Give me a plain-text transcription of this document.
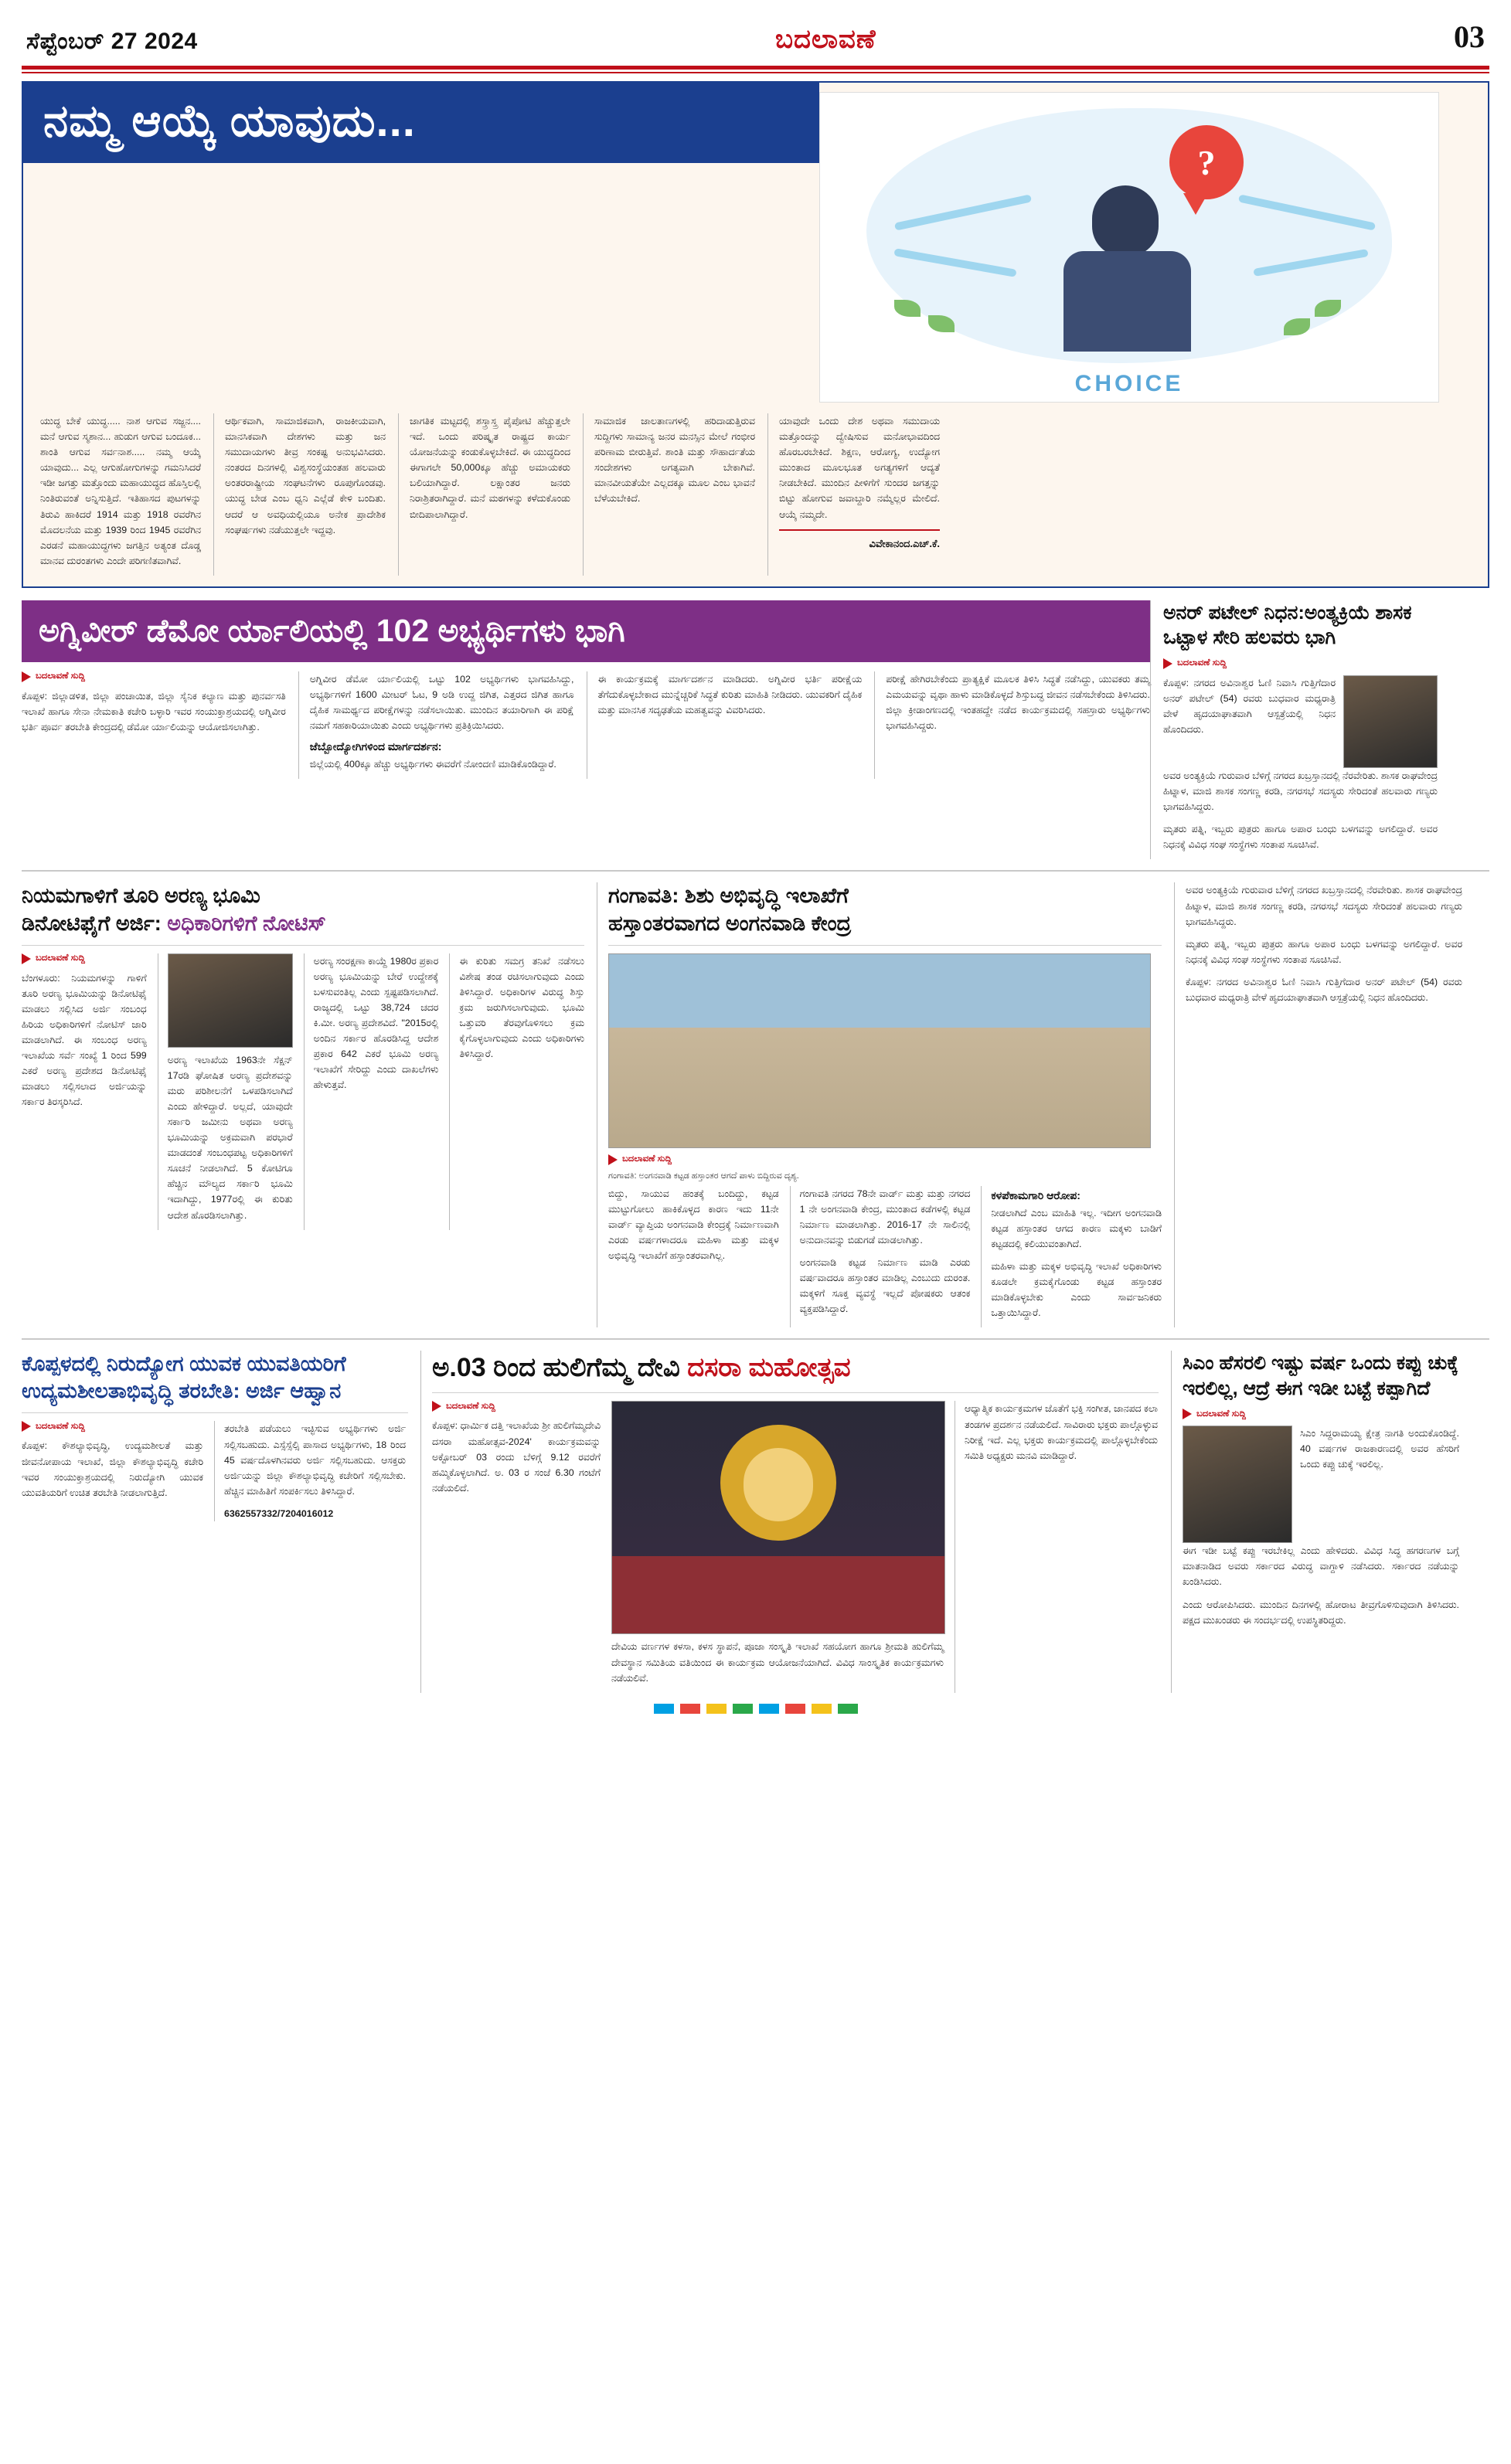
ಸೆಪ್ಟೆಂಬರ್ 27 2024	ಬದಲಾವಣೆ	03
ನಮ್ಮ ಆಯ್ಕೆ ಯಾವುದು...
?
CHOICE

ಯುದ್ಧ ಬೇಕೆ ಯುದ್ಧ..... ನಾಶ ಆಗುವ ಸಜ್ಜನ.... ಮನೆ ಆಗುವ ಸ್ಮಶಾನ... ಹುಡುಗ ಆಗುವ ಬಂದೂಕ... ಶಾಂತಿ ಆಗುವ ಸರ್ವನಾಶ..... ನಮ್ಮ ಆಯ್ಕೆ ಯಾವುದು... ಎಲ್ಲ ಆಗುಹೋಗುಗಳನ್ನು ಗಮನಿಸಿದರೆ ಇಡೀ ಜಗತ್ತು ಮತ್ತೊಂದು ಮಹಾಯುದ್ಧದ ಹೊಸ್ತಿಲಲ್ಲಿ ನಿಂತಿರುವಂತೆ ಅನ್ನಿಸುತ್ತಿದೆ. ಇತಿಹಾಸದ ಪುಟಗಳನ್ನು ತಿರುವಿ ಹಾಕಿದರೆ 1914 ಮತ್ತು 1918 ರವರೆಗಿನ ಮೊದಲನೆಯ ಮತ್ತು 1939 ರಿಂದ 1945 ರವರೆಗಿನ ಎರಡನೆ ಮಹಾಯುದ್ಧಗಳು ಜಗತ್ತಿನ ಅತ್ಯಂತ ದೊಡ್ಡ ಮಾನವ ದುರಂತಗಳು ಎಂದೇ ಪರಿಗಣಿತವಾಗಿವೆ.

ಆರ್ಥಿಕವಾಗಿ, ಸಾಮಾಜಿಕವಾಗಿ, ರಾಜಕೀಯವಾಗಿ, ಮಾನಸಿಕವಾಗಿ ದೇಶಗಳು ಮತ್ತು ಜನ ಸಮುದಾಯಗಳು ತೀವ್ರ ಸಂಕಷ್ಟ ಅನುಭವಿಸಿದರು. ನಂತರದ ದಿನಗಳಲ್ಲಿ ವಿಶ್ವಸಂಸ್ಥೆಯಂತಹ ಹಲವಾರು ಅಂತರರಾಷ್ಟ್ರೀಯ ಸಂಘಟನೆಗಳು ರೂಪುಗೊಂಡವು. ಯುದ್ಧ ಬೇಡ ಎಂಬ ಧ್ವನಿ ಎಲ್ಲೆಡೆ ಕೇಳಿ ಬಂದಿತು. ಆದರೆ ಆ ಅವಧಿಯಲ್ಲಿಯೂ ಅನೇಕ ಪ್ರಾದೇಶಿಕ ಸಂಘರ್ಷಗಳು ನಡೆಯುತ್ತಲೇ ಇದ್ದವು.

ಜಾಗತಿಕ ಮಟ್ಟದಲ್ಲಿ ಶಸ್ತ್ರಾಸ್ತ್ರ ಪೈಪೋಟಿ ಹೆಚ್ಚುತ್ತಲೇ ಇದೆ. ಒಂದು ಪರಿಷ್ಕೃತ ರಾಷ್ಟ್ರದ ಕಾರ್ಯ ಯೋಜನೆಯನ್ನು ಕಂಡುಕೊಳ್ಳಬೇಕಿದೆ. ಈ ಯುದ್ಧದಿಂದ ಈಗಾಗಲೇ 50,000ಕ್ಕೂ ಹೆಚ್ಚು ಅಮಾಯಕರು ಬಲಿಯಾಗಿದ್ದಾರೆ. ಲಕ್ಷಾಂತರ ಜನರು ನಿರಾಶ್ರಿತರಾಗಿದ್ದಾರೆ. ಮನೆ ಮಠಗಳನ್ನು ಕಳೆದುಕೊಂಡು ಬೀದಿಪಾಲಾಗಿದ್ದಾರೆ.

ಸಾಮಾಜಿಕ ಜಾಲತಾಣಗಳಲ್ಲಿ ಹರಿದಾಡುತ್ತಿರುವ ಸುದ್ದಿಗಳು ಸಾಮಾನ್ಯ ಜನರ ಮನಸ್ಸಿನ ಮೇಲೆ ಗಂಭೀರ ಪರಿಣಾಮ ಬೀರುತ್ತಿವೆ. ಶಾಂತಿ ಮತ್ತು ಸೌಹಾರ್ದತೆಯ ಸಂದೇಶಗಳು ಅಗತ್ಯವಾಗಿ ಬೇಕಾಗಿವೆ. ಮಾನವೀಯತೆಯೇ ಎಲ್ಲದಕ್ಕೂ ಮೂಲ ಎಂಬ ಭಾವನೆ ಬೆಳೆಯಬೇಕಿದೆ.

ಯಾವುದೇ ಒಂದು ದೇಶ ಅಥವಾ ಸಮುದಾಯ ಮತ್ತೊಂದನ್ನು ದ್ವೇಷಿಸುವ ಮನೋಭಾವದಿಂದ ಹೊರಬರಬೇಕಿದೆ. ಶಿಕ್ಷಣ, ಆರೋಗ್ಯ, ಉದ್ಯೋಗ ಮುಂತಾದ ಮೂಲಭೂತ ಅಗತ್ಯಗಳಿಗೆ ಆದ್ಯತೆ ನೀಡಬೇಕಿದೆ. ಮುಂದಿನ ಪೀಳಿಗೆಗೆ ಸುಂದರ ಜಗತ್ತನ್ನು ಬಿಟ್ಟು ಹೋಗುವ ಜವಾಬ್ದಾರಿ ನಮ್ಮೆಲ್ಲರ ಮೇಲಿದೆ. ಆಯ್ಕೆ ನಮ್ಮದೇ.

ವಿವೇಕಾನಂದ.ಎಚ್.ಕೆ.
ಅಗ್ನಿವೀರ್ ಡೆಮೋ ರ್ಯಾಲಿಯಲ್ಲಿ 102 ಅಭ್ಯರ್ಥಿಗಳು ಭಾಗಿ
ಬದಲಾವಣೆ ಸುದ್ದಿ

ಕೊಪ್ಪಳ: ಜಿಲ್ಲಾಡಳಿತ, ಜಿಲ್ಲಾ ಪಂಚಾಯಿತ, ಜಿಲ್ಲಾ ಸೈನಿಕ ಕಲ್ಯಾಣ ಮತ್ತು ಪುನರ್ವಸತಿ ಇಲಾಖೆ ಹಾಗೂ ಸೇನಾ ನೇಮಕಾತಿ ಕಚೇರಿ ಬಳ್ಳಾರಿ ಇವರ ಸಂಯುಕ್ತಾಶ್ರಯದಲ್ಲಿ ಅಗ್ನಿವೀರ ಭರ್ತಿ ಪೂರ್ವ ತರಬೇತಿ ಕೇಂದ್ರದಲ್ಲಿ ಡೆಮೋ ರ್ಯಾಲಿಯನ್ನು ಆಯೋಜಿಸಲಾಗಿತ್ತು.

ಅಗ್ನಿವೀರ ಡೆಮೋ ರ್ಯಾಲಿಯಲ್ಲಿ ಒಟ್ಟು 102 ಅಭ್ಯರ್ಥಿಗಳು ಭಾಗವಹಿಸಿದ್ದು, ಅಭ್ಯರ್ಥಿಗಳಿಗೆ 1600 ಮೀಟರ್ ಓಟ, 9 ಅಡಿ ಉದ್ದ ಜಿಗಿತ, ಎತ್ತರದ ಜಿಗಿತ ಹಾಗೂ ದೈಹಿಕ ಸಾಮರ್ಥ್ಯದ ಪರೀಕ್ಷೆಗಳನ್ನು ನಡೆಸಲಾಯಿತು. ಮುಂದಿನ ತಯಾರಿಗಾಗಿ ಈ ಪರಿಕ್ಷೆ ನಮಗೆ ಸಹಕಾರಿಯಾಯಿತು ಎಂದು ಅಭ್ಯರ್ಥಿಗಳು ಪ್ರತಿಕ್ರಿಯಿಸಿದರು.

ಜೆಬ್ಬೋದ್ಯೋಗಿಗಳಿಂದ ಮಾರ್ಗದರ್ಶನ:

ಜಿಲ್ಲೆಯಲ್ಲಿ 400ಕ್ಕೂ ಹೆಚ್ಚು ಅಭ್ಯರ್ಥಿಗಳು ಈವರೆಗೆ ನೋಂದಣಿ ಮಾಡಿಕೊಂಡಿದ್ದಾರೆ.

ಈ ಕಾರ್ಯಕ್ರಮಕ್ಕೆ ಮಾರ್ಗದರ್ಶನ ಮಾಡಿದರು. ಅಗ್ನಿವೀರ ಭರ್ತಿ ಪರೀಕ್ಷೆಯ ತೆಗೆದುಕೊಳ್ಳಬೇಕಾದ ಮುನ್ನೆಚ್ಚರಿಕೆ ಸಿದ್ಧತೆ ಕುರಿತು ಮಾಹಿತಿ ನೀಡಿದರು. ಯುವಕರಿಗೆ ದೈಹಿಕ ಮತ್ತು ಮಾನಸಿಕ ಸದೃಢತೆಯ ಮಹತ್ವವನ್ನು ವಿವರಿಸಿದರು.

ಪರೀಕ್ಷೆ ಹೇಗಿರಬೇಕೆಂದು ಪ್ರಾತ್ಯಕ್ಷಿಕೆ ಮೂಲಕ ತಿಳಿಸಿ ಸಿದ್ಧತೆ ನಡೆಸಿದ್ದು, ಯುವಕರು ತಮ್ಮ ಎಮಯವನ್ನು ವೃಥಾ ಹಾಳು ಮಾಡಿಕೊಳ್ಳದೆ ಶಿಸ್ತುಬದ್ಧ ಜೀವನ ನಡೆಸಬೇಕೆಂದು ತಿಳಿಸಿದರು. ಜಿಲ್ಲಾ ಕ್ರೀಡಾಂಗಣದಲ್ಲಿ ಇಂತಹದ್ದೇ ನಡೆದ ಕಾರ್ಯಕ್ರಮದಲ್ಲಿ ಸಹಸ್ರಾರು ಅಭ್ಯರ್ಥಿಗಳು ಭಾಗವಹಿಸಿದ್ದರು.

ಅನರ್ ಪಟೇಲ್ ನಿಧನ:ಅಂತ್ಯಕ್ರಿಯೆ ಶಾಸಕ ಒಟ್ಟಾಳ ಸೇರಿ ಹಲವರು ಭಾಗಿ
ಬದಲಾವಣೆ ಸುದ್ದಿ

ಕೊಪ್ಪಳ: ನಗರದ ಅವಿನಾಶ್ವರ ಓಣಿ ನಿವಾಸಿ ಗುತ್ತಿಗೆದಾರ ಅನರ್ ಪಟೇಲ್ (54) ರವರು ಬುಧವಾರ ಮಧ್ಯರಾತ್ರಿ ವೇಳೆ ಹೃದಯಾಘಾತವಾಗಿ ಆಸ್ಪತ್ರೆಯಲ್ಲಿ ನಿಧನ ಹೊಂದಿದರು.

ಅವರ ಅಂತ್ಯಕ್ರಿಯೆ ಗುರುವಾರ ಬೆಳಿಗ್ಗೆ ನಗರದ ಖಬ್ರಸ್ತಾನದಲ್ಲಿ ನೆರವೇರಿತು. ಶಾಸಕ ರಾಘವೇಂದ್ರ ಹಿಟ್ನಾಳ, ಮಾಜಿ ಶಾಸಕ ಸಂಗಣ್ಣ ಕರಡಿ, ನಗರಸಭೆ ಸದಸ್ಯರು ಸೇರಿದಂತೆ ಹಲವಾರು ಗಣ್ಯರು ಭಾಗವಹಿಸಿದ್ದರು.

ಮೃತರು ಪತ್ನಿ, ಇಬ್ಬರು ಪುತ್ರರು ಹಾಗೂ ಅಪಾರ ಬಂಧು ಬಳಗವನ್ನು ಅಗಲಿದ್ದಾರೆ. ಅವರ ನಿಧನಕ್ಕೆ ವಿವಿಧ ಸಂಘ ಸಂಸ್ಥೆಗಳು ಸಂತಾಪ ಸೂಚಿಸಿವೆ.

ನಿಯಮಗಾಳಿಗೆ ತೂರಿ ಅರಣ್ಯ ಭೂಮಿ
ಡಿನೋಟಿಫೈಗೆ ಅರ್ಜಿ: ಅಧಿಕಾರಿಗಳಿಗೆ ನೋಟಿಸ್
ಬದಲಾವಣೆ ಸುದ್ದಿ

ಬೆಂಗಳೂರು: ನಿಯಮಗಳನ್ನು ಗಾಳಿಗೆ ತೂರಿ ಅರಣ್ಯ ಭೂಮಿಯನ್ನು ಡಿನೋಟಿಫೈ ಮಾಡಲು ಸಲ್ಲಿಸಿದ ಅರ್ಜಿ ಸಂಬಂಧ ಹಿರಿಯ ಅಧಿಕಾರಿಗಳಿಗೆ ನೋಟಿಸ್ ಜಾರಿ ಮಾಡಲಾಗಿದೆ. ಈ ಸಂಬಂಧ ಅರಣ್ಯ ಇಲಾಖೆಯ ಸರ್ವೆ ಸಂಖ್ಯೆ 1 ರಿಂದ 599 ಎಕರೆ ಅರಣ್ಯ ಪ್ರದೇಶದ ಡಿನೋಟಿಫೈ ಮಾಡಲು ಸಲ್ಲಿಸಲಾದ ಅರ್ಜಿಯನ್ನು ಸರ್ಕಾರ ತಿರಸ್ಕರಿಸಿದೆ.

ಅರಣ್ಯ ಇಲಾಖೆಯ 1963ನೇ ಸೆಕ್ಷನ್ 17ರಡಿ ಘೋಷಿತ ಅರಣ್ಯ ಪ್ರದೇಶವನ್ನು ಮರು ಪರಿಶೀಲನೆಗೆ ಒಳಪಡಿಸಲಾಗಿದೆ ಎಂದು ಹೇಳಿದ್ದಾರೆ. ಅಲ್ಲದೆ, ಯಾವುದೇ ಸರ್ಕಾರಿ ಜಮೀನು ಅಥವಾ ಅರಣ್ಯ ಭೂಮಿಯನ್ನು ಅಕ್ರಮವಾಗಿ ಪರಭಾರೆ ಮಾಡದಂತೆ ಸಂಬಂಧಪಟ್ಟ ಅಧಿಕಾರಿಗಳಿಗೆ ಸೂಚನೆ ನೀಡಲಾಗಿದೆ. 5 ಕೋಟಿಗೂ ಹೆಚ್ಚಿನ ಮೌಲ್ಯದ ಸರ್ಕಾರಿ ಭೂಮಿ ಇದಾಗಿದ್ದು, 1977ರಲ್ಲಿ ಈ ಕುರಿತು ಆದೇಶ ಹೊರಡಿಸಲಾಗಿತ್ತು.

ಅರಣ್ಯ ಸಂರಕ್ಷಣಾ ಕಾಯ್ದೆ 1980ರ ಪ್ರಕಾರ ಅರಣ್ಯ ಭೂಮಿಯನ್ನು ಬೇರೆ ಉದ್ದೇಶಕ್ಕೆ ಬಳಸುವಂತಿಲ್ಲ ಎಂದು ಸ್ಪಷ್ಟಪಡಿಸಲಾಗಿದೆ. ರಾಜ್ಯದಲ್ಲಿ ಒಟ್ಟು 38,724 ಚದರ ಕಿ.ಮೀ. ಅರಣ್ಯ ಪ್ರದೇಶವಿದೆ. "2015ರಲ್ಲಿ ಅಂದಿನ ಸರ್ಕಾರ ಹೊರಡಿಸಿದ್ದ ಆದೇಶ ಪ್ರಕಾರ 642 ಎಕರೆ ಭೂಮಿ ಅರಣ್ಯ ಇಲಾಖೆಗೆ ಸೇರಿದ್ದು ಎಂದು ದಾಖಲೆಗಳು ಹೇಳುತ್ತವೆ.

ಈ ಕುರಿತು ಸಮಗ್ರ ತನಿಖೆ ನಡೆಸಲು ವಿಶೇಷ ತಂಡ ರಚಿಸಲಾಗುವುದು ಎಂದು ತಿಳಿಸಿದ್ದಾರೆ. ಅಧಿಕಾರಿಗಳ ವಿರುದ್ಧ ಶಿಸ್ತು ಕ್ರಮ ಜರುಗಿಸಲಾಗುವುದು. ಭೂಮಿ ಒತ್ತುವರಿ ತೆರವುಗೊಳಿಸಲು ಕ್ರಮ ಕೈಗೊಳ್ಳಲಾಗುವುದು ಎಂದು ಅಧಿಕಾರಿಗಳು ತಿಳಿಸಿದ್ದಾರೆ.

ಗಂಗಾವತಿ: ಶಿಶು ಅಭಿವೃದ್ಧಿ ಇಲಾಖೆಗೆ
ಹಸ್ತಾಂತರವಾಗದ ಅಂಗನವಾಡಿ ಕೇಂದ್ರ
ಬದಲಾವಣೆ ಸುದ್ದಿ
ಗಂಗಾವತಿ: ಅಂಗನವಾಡಿ ಕಟ್ಟಡ ಹಸ್ತಾಂತರ ಆಗದೆ ಪಾಳು ಬಿದ್ದಿರುವ ದೃಶ್ಯ.

ಬಿದ್ದು, ಸಾಯುವ ಹಂತಕ್ಕೆ ಬಂದಿದ್ದು, ಕಟ್ಟಡ ಮುಟ್ಟುಗೋಲು ಹಾಕಿಕೊಳ್ಳದ ಕಾರಣ ಇದು 11ನೇ ವಾರ್ಡ್ ವ್ಯಾಪ್ತಿಯ ಅಂಗನವಾಡಿ ಕೇಂದ್ರಕ್ಕೆ ನಿರ್ಮಾಣವಾಗಿ ಎರಡು ವರ್ಷಗಳಾದರೂ ಮಹಿಳಾ ಮತ್ತು ಮಕ್ಕಳ ಅಭಿವೃದ್ಧಿ ಇಲಾಖೆಗೆ ಹಸ್ತಾಂತರವಾಗಿಲ್ಲ.

ಗಂಗಾವತಿ ನಗರದ 78ನೇ ವಾರ್ಡ್ ಮತ್ತು ಮತ್ತು ನಗರದ 1 ನೇ ಅಂಗನವಾಡಿ ಕೇಂದ್ರ, ಮುಂತಾದ ಕಡೆಗಳಲ್ಲಿ ಕಟ್ಟಡ ನಿರ್ಮಾಣ ಮಾಡಲಾಗಿತ್ತು. 2016-17 ನೇ ಸಾಲಿನಲ್ಲಿ ಅನುದಾನವನ್ನು ಬಿಡುಗಡೆ ಮಾಡಲಾಗಿತ್ತು.

ಅಂಗನವಾಡಿ ಕಟ್ಟಡ ನಿರ್ಮಾಣ ಮಾಡಿ ಎರಡು ವರ್ಷವಾದರೂ ಹಸ್ತಾಂತರ ಮಾಡಿಲ್ಲ ಎಂಬುದು ದುರಂತ. ಮಕ್ಕಳಿಗೆ ಸೂಕ್ತ ವ್ಯವಸ್ಥೆ ಇಲ್ಲದೆ ಪೋಷಕರು ಆತಂಕ ವ್ಯಕ್ತಪಡಿಸಿದ್ದಾರೆ.

ಕಳಪೆಕಾಮಗಾರಿ ಆರೋಪ:

ನೀಡಲಾಗಿದೆ ಎಂಬ ಮಾಹಿತಿ ಇಲ್ಲ. ಇದೀಗ ಅಂಗನವಾಡಿ ಕಟ್ಟಡ ಹಸ್ತಾಂತರ ಆಗದ ಕಾರಣ ಮಕ್ಕಳು ಬಾಡಿಗೆ ಕಟ್ಟಡದಲ್ಲಿ ಕಲಿಯುವಂತಾಗಿದೆ.

ಮಹಿಳಾ ಮತ್ತು ಮಕ್ಕಳ ಅಭಿವೃದ್ಧಿ ಇಲಾಖೆ ಅಧಿಕಾರಿಗಳು ಕೂಡಲೇ ಕ್ರಮಕೈಗೊಂಡು ಕಟ್ಟಡ ಹಸ್ತಾಂತರ ಮಾಡಿಕೊಳ್ಳಬೇಕು ಎಂದು ಸಾರ್ವಜನಿಕರು ಒತ್ತಾಯಿಸಿದ್ದಾರೆ.

ಅವರ ಅಂತ್ಯಕ್ರಿಯೆ ಗುರುವಾರ ಬೆಳಿಗ್ಗೆ ನಗರದ ಖಬ್ರಸ್ತಾನದಲ್ಲಿ ನೆರವೇರಿತು. ಶಾಸಕ ರಾಘವೇಂದ್ರ ಹಿಟ್ನಾಳ, ಮಾಜಿ ಶಾಸಕ ಸಂಗಣ್ಣ ಕರಡಿ, ನಗರಸಭೆ ಸದಸ್ಯರು ಸೇರಿದಂತೆ ಹಲವಾರು ಗಣ್ಯರು ಭಾಗವಹಿಸಿದ್ದರು.

ಮೃತರು ಪತ್ನಿ, ಇಬ್ಬರು ಪುತ್ರರು ಹಾಗೂ ಅಪಾರ ಬಂಧು ಬಳಗವನ್ನು ಅಗಲಿದ್ದಾರೆ. ಅವರ ನಿಧನಕ್ಕೆ ವಿವಿಧ ಸಂಘ ಸಂಸ್ಥೆಗಳು ಸಂತಾಪ ಸೂಚಿಸಿವೆ.

ಕೊಪ್ಪಳ: ನಗರದ ಅವಿನಾಶ್ವರ ಓಣಿ ನಿವಾಸಿ ಗುತ್ತಿಗೆದಾರ ಅನರ್ ಪಟೇಲ್ (54) ರವರು ಬುಧವಾರ ಮಧ್ಯರಾತ್ರಿ ವೇಳೆ ಹೃದಯಾಘಾತವಾಗಿ ಆಸ್ಪತ್ರೆಯಲ್ಲಿ ನಿಧನ ಹೊಂದಿದರು.

ಕೊಪ್ಪಳದಲ್ಲಿ ನಿರುದ್ಯೋಗ ಯುವಕ ಯುವತಿಯರಿಗೆ ಉದ್ಯಮಶೀಲತಾಭಿವೃದ್ಧಿ ತರಬೇತಿ: ಅರ್ಜಿ ಆಹ್ವಾನ
ಬದಲಾವಣೆ ಸುದ್ದಿ

ಕೊಪ್ಪಳ: ಕೌಶಲ್ಯಾಭಿವೃದ್ಧಿ, ಉದ್ಯಮಶೀಲತೆ ಮತ್ತು ಜೀವನೋಪಾಯ ಇಲಾಖೆ, ಜಿಲ್ಲಾ ಕೌಶಲ್ಯಾಭಿವೃದ್ಧಿ ಕಚೇರಿ ಇವರ ಸಂಯುಕ್ತಾಶ್ರಯದಲ್ಲಿ ನಿರುದ್ಯೋಗಿ ಯುವಕ ಯುವತಿಯರಿಗೆ ಉಚಿತ ತರಬೇತಿ ನೀಡಲಾಗುತ್ತಿದೆ.

ತರಬೇತಿ ಪಡೆಯಲು ಇಚ್ಛಿಸುವ ಅಭ್ಯರ್ಥಿಗಳು ಅರ್ಜಿ ಸಲ್ಲಿಸಬಹುದು. ಎಸ್ಸೆಸ್ಸೆಲ್ಸಿ ಪಾಸಾದ ಅಭ್ಯರ್ಥಿಗಳು, 18 ರಿಂದ 45 ವರ್ಷದೊಳಗಿನವರು ಅರ್ಜಿ ಸಲ್ಲಿಸಬಹುದು. ಆಸಕ್ತರು ಅರ್ಜಿಯನ್ನು ಜಿಲ್ಲಾ ಕೌಶಲ್ಯಾಭಿವೃದ್ಧಿ ಕಚೇರಿಗೆ ಸಲ್ಲಿಸಬೇಕು. ಹೆಚ್ಚಿನ ಮಾಹಿತಿಗೆ ಸಂಪರ್ಕಿಸಲು ತಿಳಿಸಿದ್ದಾರೆ.

6362557332/7204016012
ಅ.03 ರಿಂದ ಹುಲಿಗೆಮ್ಮ ದೇವಿ ದಸರಾ ಮಹೋತ್ಸವ
ಬದಲಾವಣೆ ಸುದ್ದಿ

ಕೊಪ್ಪಳ: ಧಾರ್ಮಿಕ ದತ್ತಿ ಇಲಾಖೆಯ ಶ್ರೀ ಹುಲಿಗೆಮ್ಮದೇವಿ ದಸರಾ ಮಹೋತ್ಸವ-2024' ಕಾರ್ಯಕ್ರಮವನ್ನು ಅಕ್ಟೋಬರ್ 03 ರಂದು ಬೆಳಿಗ್ಗೆ 9.12 ರವರೆಗೆ ಹಮ್ಮಿಕೊಳ್ಳಲಾಗಿದೆ. ಅ. 03 ರ ಸಂಜೆ 6.30 ಗಂಟೆಗೆ ನಡೆಯಲಿದೆ.

ದೇವಿಯ ವರ್ಣಗಳ ಕಳಸಾ, ಕಳಸ ಸ್ಥಾಪನೆ, ಪೂಜಾ ಸಂಸ್ಕೃತಿ ಇಲಾಖೆ ಸಹಯೋಗ ಹಾಗೂ ಶ್ರೀಮತಿ ಹುಲಿಗೆಮ್ಮ ದೇವಸ್ಥಾನ ಸಮಿತಿಯ ವತಿಯಿಂದ ಈ ಕಾರ್ಯಕ್ರಮ ಆಯೋಜನೆಯಾಗಿದೆ. ವಿವಿಧ ಸಾಂಸ್ಕೃತಿಕ ಕಾರ್ಯಕ್ರಮಗಳು ನಡೆಯಲಿವೆ.

ಆಧ್ಯಾತ್ಮಿಕ ಕಾರ್ಯಕ್ರಮಗಳ ಜೊತೆಗೆ ಭಕ್ತಿ ಸಂಗೀತ, ಜಾನಪದ ಕಲಾ ತಂಡಗಳ ಪ್ರದರ್ಶನ ನಡೆಯಲಿದೆ. ಸಾವಿರಾರು ಭಕ್ತರು ಪಾಲ್ಗೊಳ್ಳುವ ನಿರೀಕ್ಷೆ ಇದೆ. ಎಲ್ಲ ಭಕ್ತರು ಕಾರ್ಯಕ್ರಮದಲ್ಲಿ ಪಾಲ್ಗೊಳ್ಳಬೇಕೆಂದು ಸಮಿತಿ ಅಧ್ಯಕ್ಷರು ಮನವಿ ಮಾಡಿದ್ದಾರೆ.

ಸಿಎಂ ಹೆಸರಲಿ ಇಷ್ಟು ವರ್ಷ ಒಂದು ಕಪ್ಪು ಚುಕ್ಕೆ ಇರಲಿಲ್ಲ, ಆದ್ರೆ ಈಗ ಇಡೀ ಬಟ್ಟೆ ಕಪ್ಪಾಗಿದೆ
ಬದಲಾವಣೆ ಸುದ್ದಿ

ಸಿಎಂ ಸಿದ್ದರಾಮಯ್ಯ ಕ್ಷೇತ್ರ ನಾಗತಿ ಅಂದುಕೊಂಡಿದ್ದೆ. 40 ವರ್ಷಗಳ ರಾಜಕಾರಣದಲ್ಲಿ ಅವರ ಹೆಸರಿಗೆ ಒಂದು ಕಪ್ಪು ಚುಕ್ಕೆ ಇರಲಿಲ್ಲ.

ಈಗ ಇಡೀ ಬಟ್ಟೆ ಕಪ್ಪು ಇರಬೇಕಿಲ್ಲ ಎಂದು ಹೇಳಿದರು. ವಿವಿಧ ಸಿದ್ಧ ಹಗರಣಗಳ ಬಗ್ಗೆ ಮಾತನಾಡಿದ ಅವರು ಸರ್ಕಾರದ ವಿರುದ್ಧ ವಾಗ್ದಾಳಿ ನಡೆಸಿದರು. ಸರ್ಕಾರದ ನಡೆಯನ್ನು ಖಂಡಿಸಿದರು.

ಎಂದು ಆರೋಪಿಸಿದರು. ಮುಂದಿನ ದಿನಗಳಲ್ಲಿ ಹೋರಾಟ ತೀವ್ರಗೊಳಿಸುವುದಾಗಿ ತಿಳಿಸಿದರು. ಪಕ್ಷದ ಮುಖಂಡರು ಈ ಸಂದರ್ಭದಲ್ಲಿ ಉಪಸ್ಥಿತರಿದ್ದರು.
